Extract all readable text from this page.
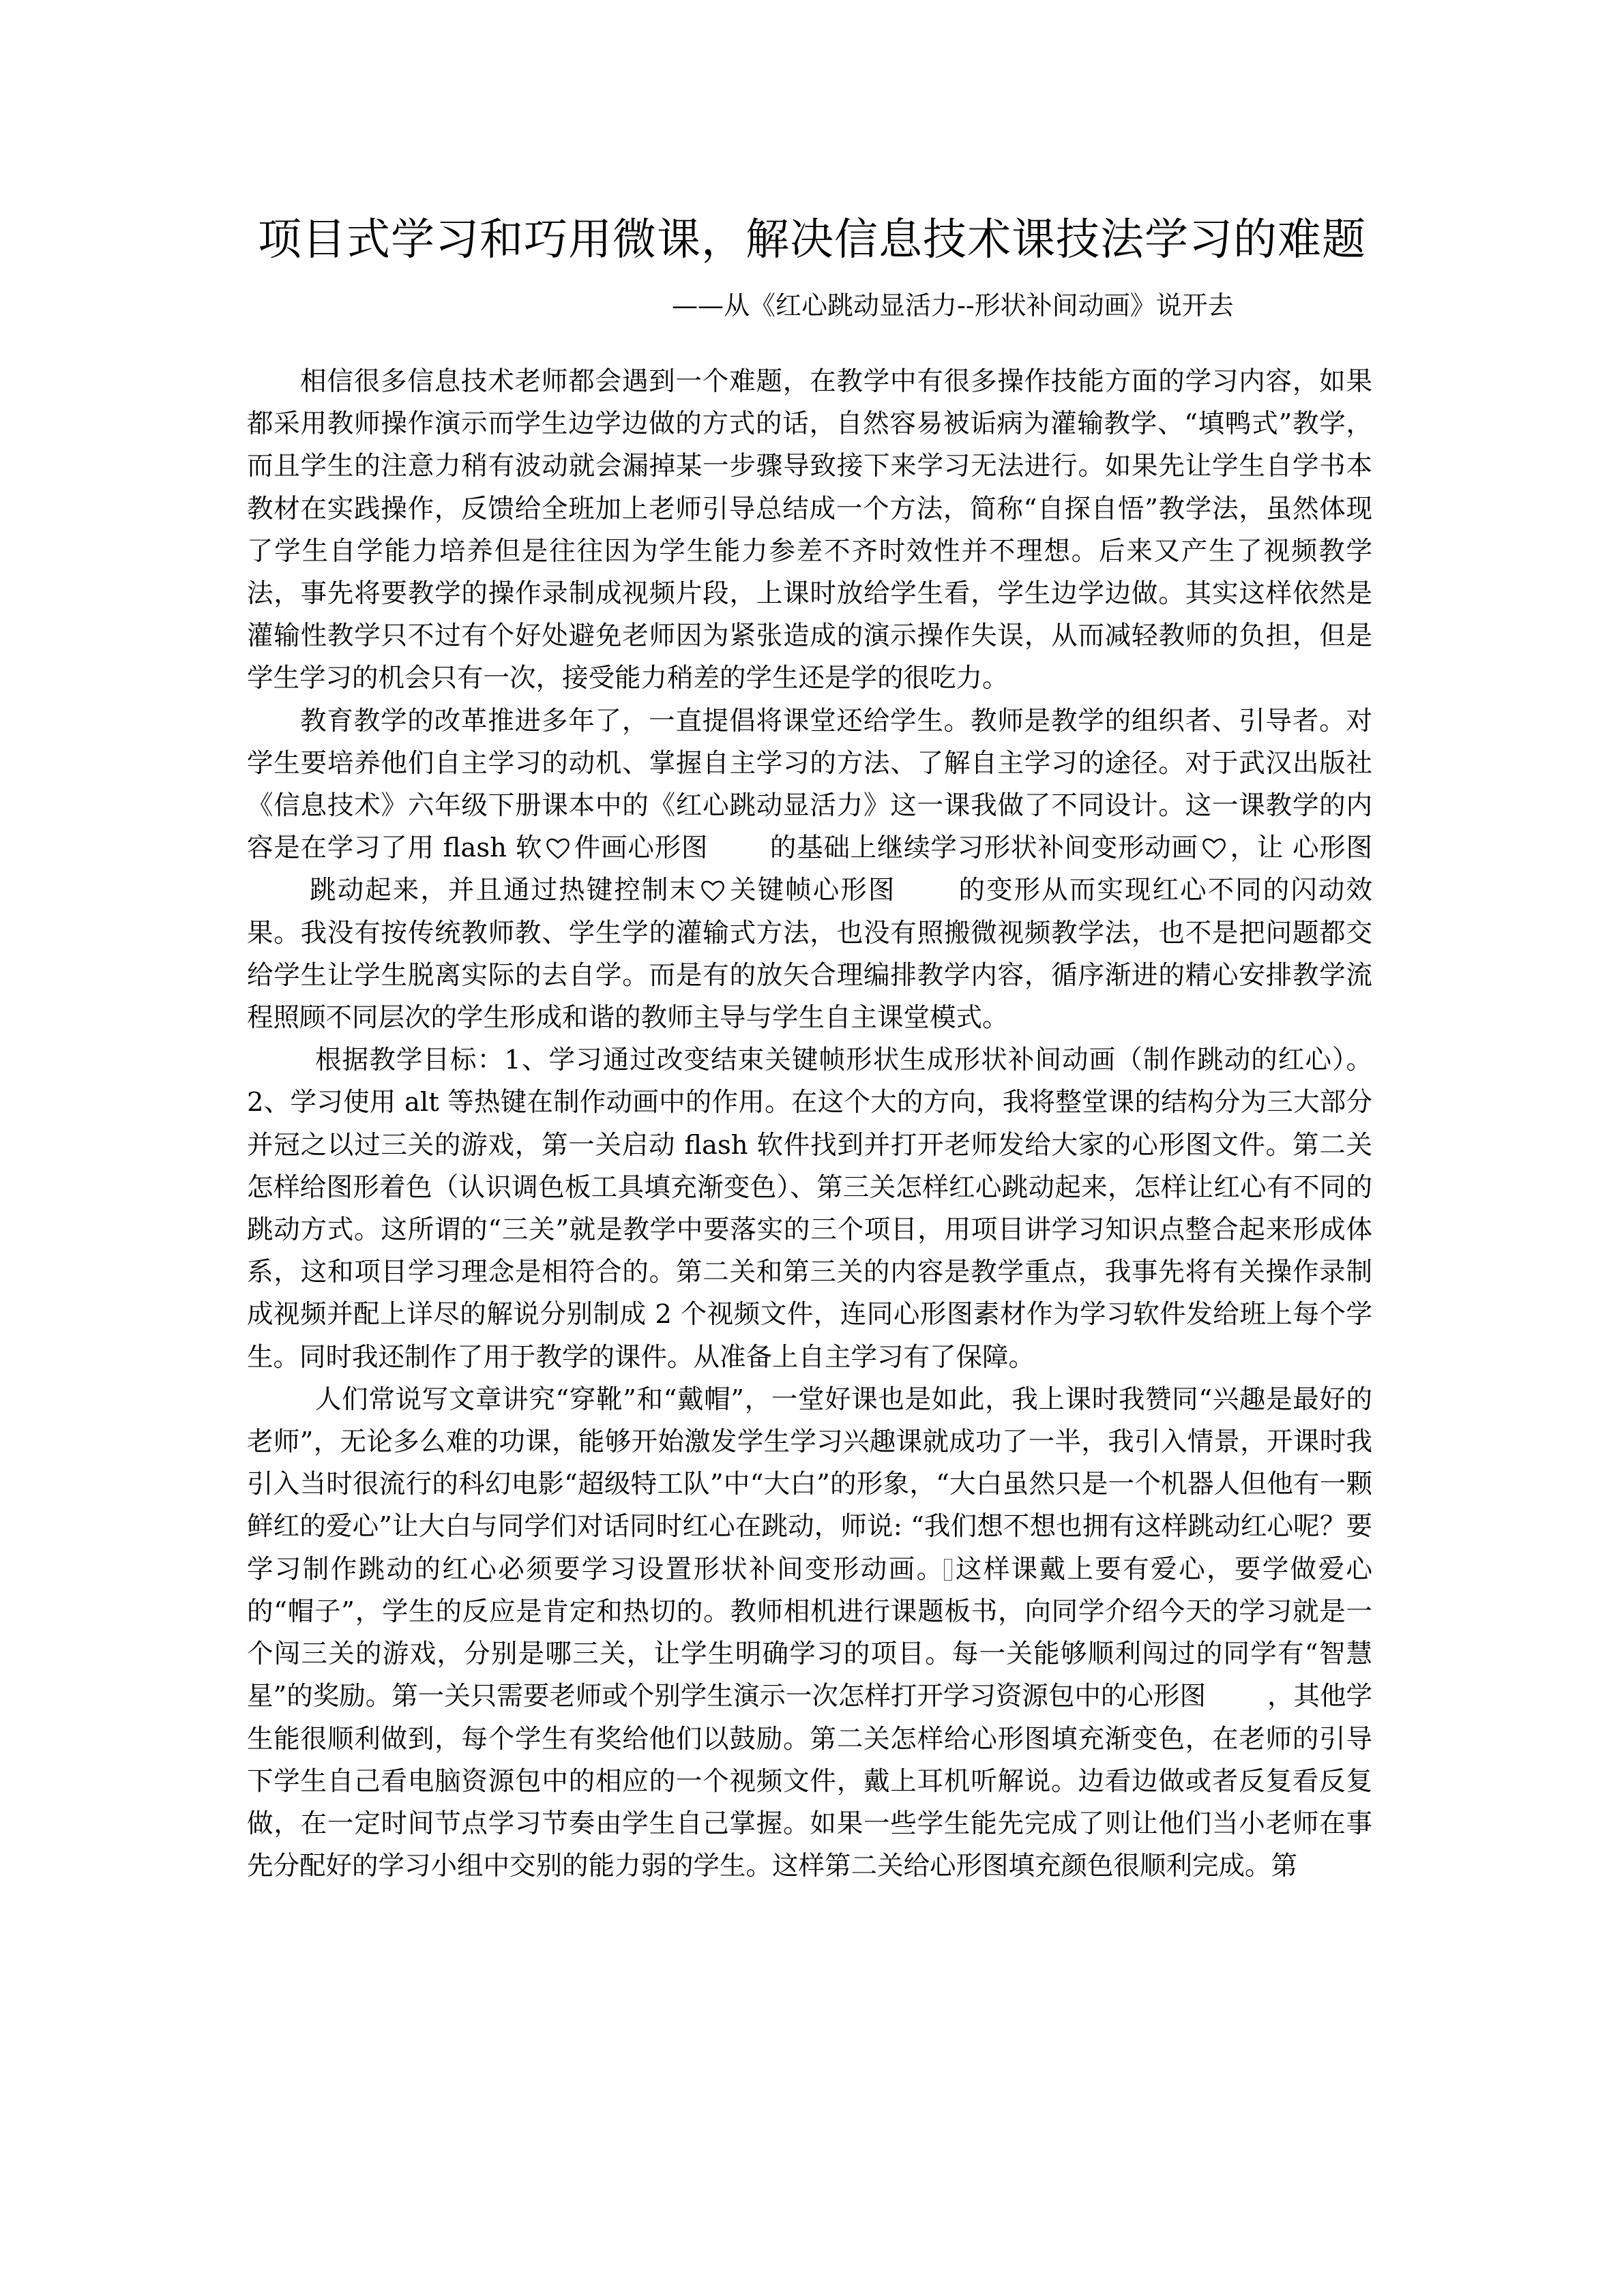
项目式学习和巧用微课，解决信息技术课技法学习的难题

——从《红心跳动显活力--形状补间动画》说开去

相信很多信息技术老师都会遇到一个难题，在教学中有很多操作技能方面的学习内容，如果都采用教师操作演示而学生边学边做的方式的话，自然容易被诟病为灌输教学、“填鸭式”教学，而且学生的注意力稍有波动就会漏掉某一步骤导致接下来学习无法进行。如果先让学生自学书本教材在实践操作，反馈给全班加上老师引导总结成一个方法，简称“自探自悟”教学法，虽然体现了学生自学能力培养但是往往因为学生能力参差不齐时效性并不理想。后来又产生了视频教学法，事先将要教学的操作录制成视频片段，上课时放给学生看，学生边学边做。其实这样依然是灌输性教学只不过有个好处避免老师因为紧张造成的演示操作失误，从而减轻教师的负担，但是学生学习的机会只有一次，接受能力稍差的学生还是学的很吃力。

教育教学的改革推进多年了，一直提倡将课堂还给学生。教师是教学的组织者、引导者。对学生要培养他们自主学习的动机、掌握自主学习的方法、了解自主学习的途径。对于武汉出版社《信息技术》六年级下册课本中的《红心跳动显活力》这一课我做了不同设计。这一课教学的内容是在学习了用 flash 软 件画心形图 的基础上继续学习形状补间变形动画 ，让 心形图跳动起来，并且通过热键控制末 关键帧心形图 的变形从而实现红心不同的闪动效果。我没有按传统教师教、学生学的灌输式方法，也没有照搬微视频教学法，也不是把问题都交给学生让学生脱离实际的去自学。而是有的放矢合理编排教学内容，循序渐进的精心安排教学流程照顾不同层次的学生形成和谐的教师主导与学生自主课堂模式。

根据教学目标：1、学习通过改变结束关键帧形状生成形状补间动画（制作跳动的红心）。2、学习使用 alt 等热键在制作动画中的作用。在这个大的方向，我将整堂课的结构分为三大部分并冠之以过三关的游戏，第一关启动 flash 软件找到并打开老师发给大家的心形图文件。第二关怎样给图形着色（认识调色板工具填充渐变色）、第三关怎样红心跳动起来，怎样让红心有不同的跳动方式。这所谓的“三关”就是教学中要落实的三个项目，用项目讲学习知识点整合起来形成体系，这和项目学习理念是相符合的。第二关和第三关的内容是教学重点，我事先将有关操作录制成视频并配上详尽的解说分别制成 2 个视频文件，连同心形图素材作为学习软件发给班上每个学生。同时我还制作了用于教学的课件。从准备上自主学习有了保障。

人们常说写文章讲究“穿靴”和“戴帽”，一堂好课也是如此，我上课时我赞同“兴趣是最好的老师”，无论多么难的功课，能够开始激发学生学习兴趣课就成功了一半，我引入情景，开课时我引入当时很流行的科幻电影“超级特工队”中“大白”的形象，“大白虽然只是一个机器人但他有一颗鲜红的爱心”让大白与同学们对话同时红心在跳动，师说: “我们想不想也拥有这样跳动红心呢？要学习制作跳动的红心必须要学习设置形状补间变形动画。 这样课戴上要有爱心，要学做爱心的“帽子”，学生的反应是肯定和热切的。教师相机进行课题板书，向同学介绍今天的学习就是一个闯三关的游戏，分别是哪三关，让学生明确学习的项目。每一关能够顺利闯过的同学有“智慧星”的奖励。第一关只需要老师或个别学生演示一次怎样打开学习资源包中的心形图 ，其他学生能很顺利做到，每个学生有奖给他们以鼓励。第二关怎样给心形图填充渐变色，在老师的引导下学生自己看电脑资源包中的相应的一个视频文件，戴上耳机听解说。边看边做或者反复看反复做，在一定时间节点学习节奏由学生自己掌握。如果一些学生能先完成了则让他们当小老师在事先分配好的学习小组中交别的能力弱的学生。这样第二关给心形图填充颜色很顺利完成。第
